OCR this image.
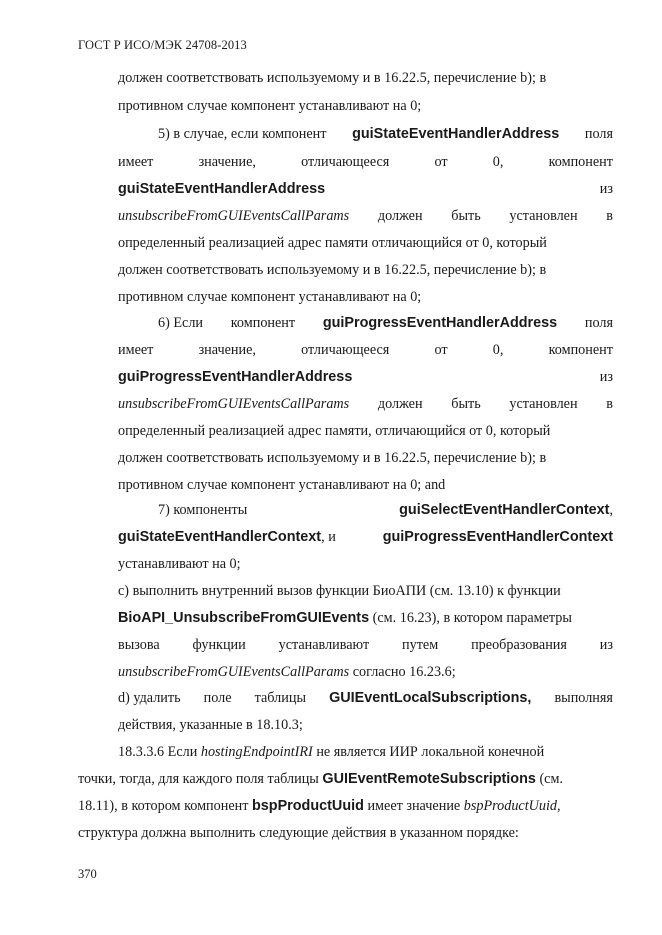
ГОСТ Р ИСО/МЭК 24708-2013
должен соответствовать используемому и в 16.22.5, перечисление b); в
противном случае компонент устанавливают на 0;
5) в случае, если компонент guiStateEventHandlerAddress поля
имеет	значение,	отличающееся	от	0,	компонент
guiStateEventHandlerAddress	из
unsubscribeFromGUIEventsCallParams должен быть установлен в
определенный реализацией адрес памяти отличающийся от 0, который
должен соответствовать используемому и в 16.22.5, перечисление b); в
противном случае компонент устанавливают на 0;
6) Если компонент guiProgressEventHandlerAddress поля
имеет	значение,	отличающееся	от	0,	компонент
guiProgressEventHandlerAddress	из
unsubscribeFromGUIEventsCallParams должен быть установлен в
определенный реализацией адрес памяти, отличающийся от 0, который
должен соответствовать используемому и в 16.22.5, перечисление b); в
противном случае компонент устанавливают на 0; and
7) компоненты	guiSelectEventHandlerContext,
guiStateEventHandlerContext, и	guiProgressEventHandlerContext
устанавливают на 0;
с) выполнить внутренний вызов функции БиоАПИ (см. 13.10) к функции
BioAPI_UnsubscribeFromGUIEvents (см. 16.23), в котором параметры
вызова функции устанавливают путем преобразования из
unsubscribeFromGUIEventsCallParams согласно 16.23.6;
d) удалить поле таблицы GUIEventLocalSubscriptions, выполняя
действия, указанные в 18.10.3;
18.3.3.6 Если hostingEndpointIRI не является ИИР локальной конечной
точки, тогда, для каждого поля таблицы GUIEventRemoteSubscriptions (см.
18.11), в котором компонент bspProductUuid имеет значение bspProductUuid,
структура должна выполнить следующие действия в указанном порядке:
370
